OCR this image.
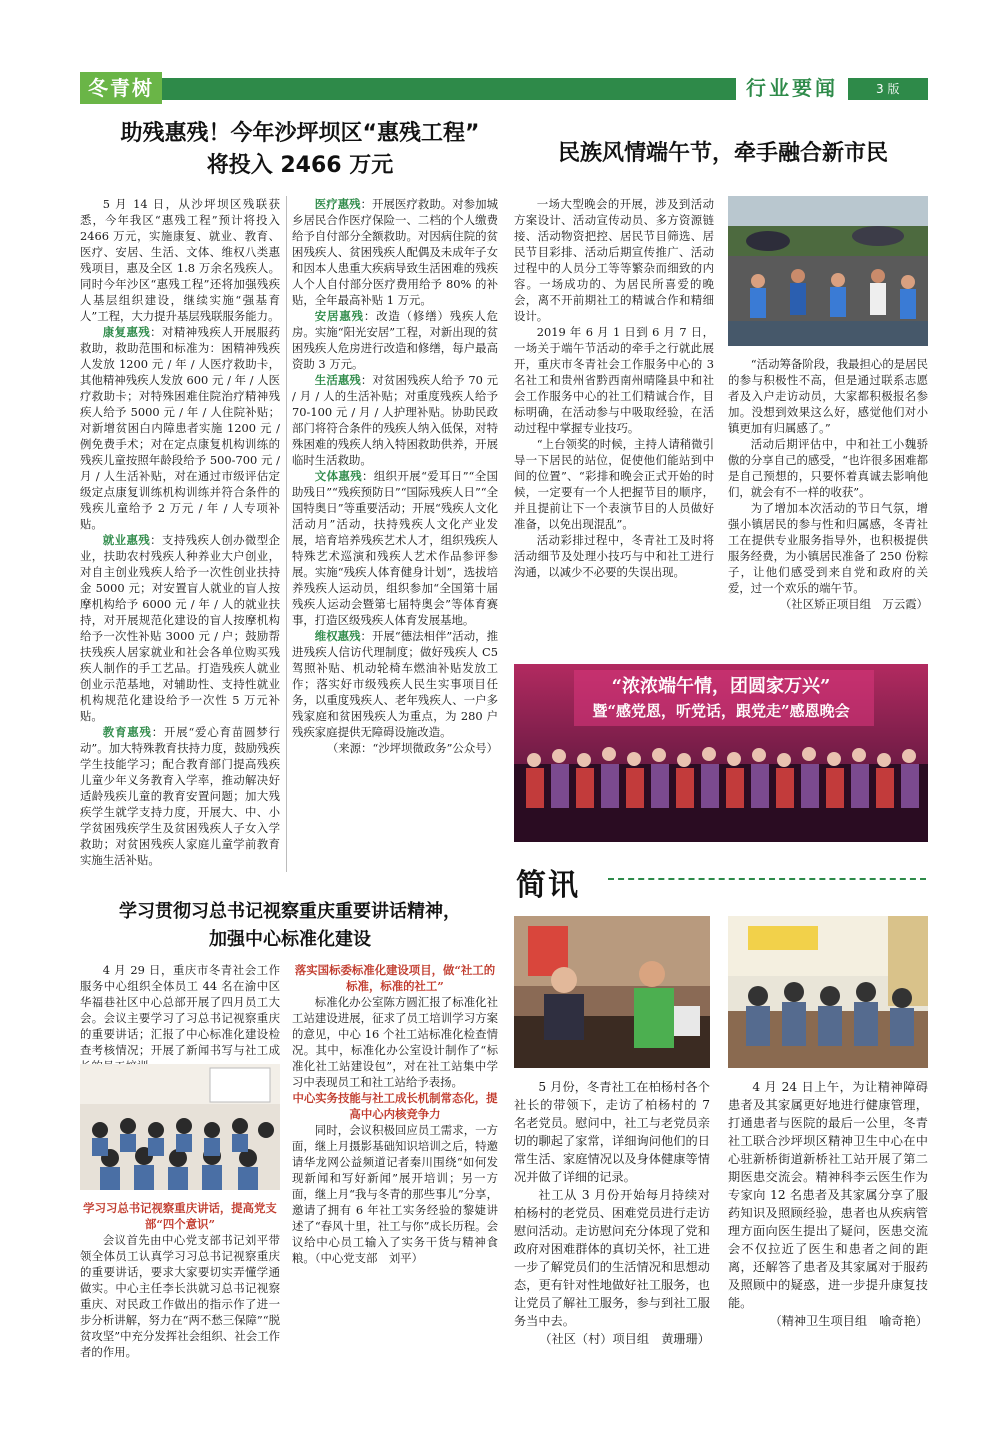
冬青树	行业要闻	3 版
助残惠残！今年沙坪坝区“惠残工程”
将投入 2466 万元

5 月 14 日，从沙坪坝区残联获悉，今年我区“惠残工程”预计将投入 2466 万元，实施康复、就业、教育、医疗、安居、生活、文体、维权八类惠残项目，惠及全区 1.8 万余名残疾人。同时今年沙区“惠残工程”还将加强残疾人基层组织建设，继续实施“强基育人”工程，大力提升基层残联服务能力。

康复惠残：对精神残疾人开展服药救助，救助范围和标准为：困精神残疾人发放 1200 元 / 年 / 人医疗救助卡，其他精神残疾人发放 600 元 / 年 / 人医疗救助卡；对特殊困难住院治疗精神残疾人给予 5000 元 / 年 / 人住院补贴；对新增贫困白内障患者实施 1200 元 / 例免费手术；对在定点康复机构训练的残疾儿童按照年龄段给予 500-700 元 / 月 / 人生活补贴，对在通过市级评估定级定点康复训练机构训练并符合条件的残疾儿童给予 2 万元 / 年 / 人专项补贴。

就业惠残：支持残疾人创办微型企业，扶助农村残疾人种养业大户创业，对自主创业残疾人给予一次性创业扶持金 5000 元；对安置盲人就业的盲人按摩机构给予 6000 元 / 年 / 人的就业扶持，对开展规范化建设的盲人按摩机构给予一次性补贴 3000 元 / 户；鼓励帮扶残疾人居家就业和社会各单位购买残疾人制作的手工艺品。打造残疾人就业创业示范基地，对辅助性、支持性就业机构规范化建设给予一次性 5 万元补贴。

教育惠残：开展“爱心育苗圆梦行动”。加大特殊教育扶持力度，鼓励残疾学生技能学习；配合教育部门提高残疾儿童少年义务教育入学率，推动解决好适龄残疾儿童的教育安置问题；加大残疾学生就学支持力度，开展大、中、小学贫困残疾学生及贫困残疾人子女入学救助；对贫困残疾人家庭儿童学前教育实施生活补贴。

医疗惠残：开展医疗救助。对参加城乡居民合作医疗保险一、二档的个人缴费给予自付部分全额救助。对因病住院的贫困残疾人、贫困残疾人配偶及未成年子女和因本人患重大疾病导致生活困难的残疾人个人自付部分医疗费用给予 80% 的补贴，全年最高补贴 1 万元。

安居惠残：改造（修缮）残疾人危房。实施“阳光安居”工程，对新出现的贫困残疾人危房进行改造和修缮，每户最高资助 3 万元。

生活惠残：对贫困残疾人给予 70 元 / 月 / 人的生活补贴；对重度残疾人给予 70-100 元 / 月 / 人护理补贴。协助民政部门将符合条件的残疾人纳入低保，对特殊困难的残疾人纳入特困救助供养，开展临时生活救助。

文体惠残：组织开展“爱耳日”“全国助残日”“残疾预防日”“国际残疾人日”“全国特奥日”等重要活动；开展“残疾人文化活动月”活动，扶持残疾人文化产业发展，培育培养残疾艺术人才，组织残疾人特殊艺术巡演和残疾人艺术作品参评参展。实施“残疾人体育健身计划”，选拔培养残疾人运动员，组织参加“全国第十届残疾人运动会暨第七届特奥会”等体育赛事，打造区级残疾人体育发展基地。

维权惠残：开展“德法相伴”活动，推进残疾人信访代理制度；做好残疾人 C5 驾照补贴、机动轮椅车燃油补贴发放工作；落实好市级残疾人民生实事项目任务，以重度残疾人、老年残疾人、一户多残家庭和贫困残疾人为重点，为 280 户残疾家庭提供无障碍设施改造。

（来源：“沙坪坝微政务”公众号）

民族风情端午节，牵手融合新市民

一场大型晚会的开展，涉及到活动方案设计、活动宣传动员、多方资源链接、活动物资把控、居民节目筛选、居民节目彩排、活动后期宣传推广、活动过程中的人员分工等等繁杂而细致的内容。一场成功的、为居民所喜爱的晚会，离不开前期社工的精诚合作和精细设计。

2019 年 6 月 1 日到 6 月 7 日，一场关于端午节活动的牵手之行就此展开，重庆市冬青社会工作服务中心的 3 名社工和贵州省黔西南州晴隆县中和社会工作服务中心的社工们精诚合作，目标明确，在活动参与中吸取经验，在活动过程中掌握专业技巧。

“上台领奖的时候，主持人请稍微引导一下居民的站位，促使他们能站到中间的位置”、“彩排和晚会正式开始的时候，一定要有一个人把握节目的顺序，并且提前让下一个表演节目的人员做好准备，以免出现混乱”。

活动彩排过程中，冬青社工及时将活动细节及处理小技巧与中和社工进行沟通，以减少不必要的失误出现。

“活动筹备阶段，我最担心的是居民的参与积极性不高，但是通过联系志愿者及入户走访动员，大家都积极报名参加。没想到效果这么好，感觉他们对小镇更加有归属感了。”

活动后期评估中，中和社工小魏骄傲的分享自己的感受，“也许很多困难都是自己预想的，只要怀着真诚去影响他们，就会有不一样的收获”。

为了增加本次活动的节日气氛，增强小镇居民的参与性和归属感，冬青社工在提供专业服务指导外，也积极提供服务经费，为小镇居民准备了 250 份粽子，让他们感受到来自党和政府的关爱，过一个欢乐的端午节。

（社区矫正项目组　万云霞）

“浓浓端午情，团圆家万兴”
暨“感党恩，听党话，跟党走”感恩晚会
学习贯彻习总书记视察重庆重要讲话精神，
加强中心标准化建设

4 月 29 日，重庆市冬青社会工作服务中心组织全体员工 44 名在渝中区华福巷社区中心总部开展了四月员工大会。会议主要学习了习总书记视察重庆的重要讲话；汇报了中心标准化建设检查考核情况；开展了新闻书写与社工成

学习习总书记视察重庆讲话，提高党支部“四个意识”

会议首先由中心党支部书记刘平带领全体员工认真学习习总书记视察重庆的重要讲话，要求大家要切实弄懂学通做实。中心主任李长洪就习总书记视察重庆、对民政工作做出的指示作了进一步分析讲解，努力在“两不愁三保障”“脱贫攻坚”中充分发挥社会组织、社会工作者的作用。

落实国标委标准化建设项目，做“社工的标准，标准的社工”

标准化办公室陈方圆汇报了标准化社工站建设进展，征求了员工培训学习方案的意见，中心 16 个社工站标准化检查情况。其中，标准化办公室设计制作了“标准化社工站建设包”，对在社工站集中学习中表现员工和社工站给予表扬。

中心实务技能与社工成长机制常态化，提高中心内核竞争力

同时，会议积极回应员工需求，一方面，继上月摄影基础知识培训之后，特邀请华龙网公益频道记者秦川围绕“如何发现新闻和写好新闻”展开培训；另一方面，继上月“我与冬青的那些事儿”分享，邀请了拥有 6 年社工实务经验的黎婕讲述了“春风十里，社工与你”成长历程。会议给中心员工输入了实务干货与精神食粮。（中心党支部　刘平）

简讯

5 月份，冬青社工在柏杨村各个社长的带领下，走访了柏杨村的 7 名老党员。慰问中，社工与老党员亲切的聊起了家常，详细询问他们的日常生活、家庭情况以及身体健康等情况并做了详细的记录。

社工从 3 月份开始每月持续对柏杨村的老党员、困难党员进行走访慰问活动。走访慰问充分体现了党和政府对困难群体的真切关怀，社工进一步了解党员们的生活情况和思想动态，更有针对性地做好社工服务，也让党员了解社工服务，参与到社工服务当中去。

（社区（村）项目组　黄珊珊）

4 月 24 日上午，为让精神障碍患者及其家属更好地进行健康管理，打通患者与医院的最后一公里，冬青社工联合沙坪坝区精神卫生中心在中心驻新桥街道新桥社工站开展了第二期医患交流会。精神科李云医生作为专家向 12 名患者及其家属分享了服药知识及照顾经验，患者也从疾病管理方面向医生提出了疑问，医患交流会不仅拉近了医生和患者之间的距离，还解答了患者及其家属对于服药及照顾中的疑惑，进一步提升康复技能。

（精神卫生项目组　喻奇艳）
